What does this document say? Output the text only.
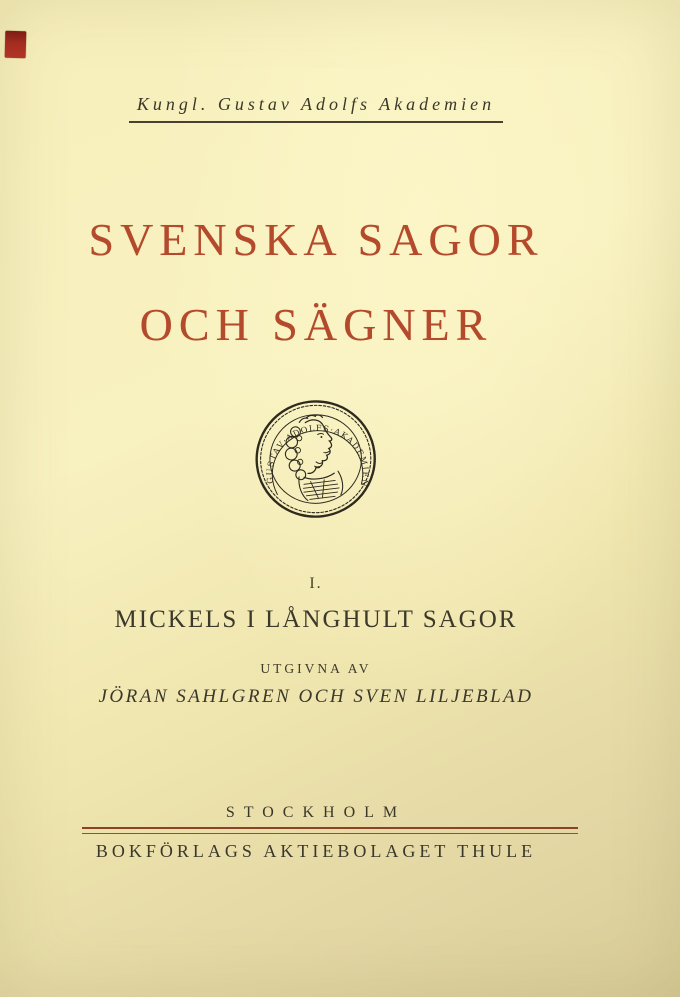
Kungl. Gustav Adolfs Akademien
SVENSKA SAGOR
OCH SÄGNER
GUSTAV·ADOLFS·AKADEMIEN
I.
MICKELS I LÅNGHULT SAGOR
UTGIVNA AV
JÖRAN SAHLGREN OCH SVEN LILJEBLAD
STOCKHOLM
BOKFÖRLAGS AKTIEBOLAGET THULE
